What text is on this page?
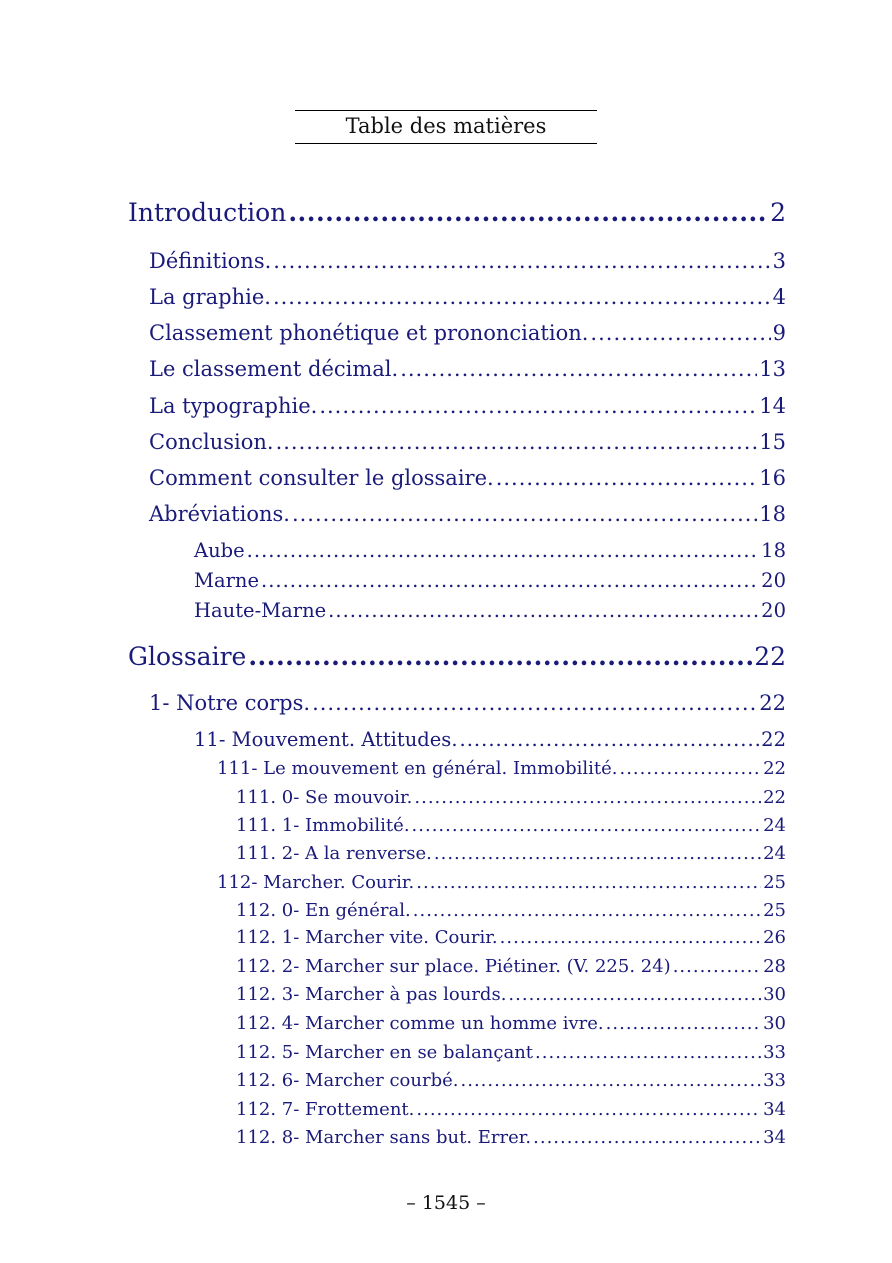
Table des matières
Introduction .....	2
Définitions. .....	3
La graphie. .....	4
Classement phonétique et prononciation. .....	9
Le classement décimal. .....	13
La typographie. .....	14
Conclusion. .....	15
Comment consulter le glossaire. .....	16
Abréviations. .....	18
Aube .....	18
Marne .....	20
Haute-Marne .....	20
Glossaire .....	22
1- Notre corps. .....	22
11- Mouvement. Attitudes. .....	22
111- Le mouvement en général. Immobilité. .....	22
111. 0- Se mouvoir. .....	22
111. 1- Immobilité. .....	24
111. 2- A la renverse. .....	24
112- Marcher. Courir. .....	25
112. 0- En général. .....	25
112. 1- Marcher vite. Courir. .....	26
112. 2- Marcher sur place. Piétiner. (V. 225. 24) .....	28
112. 3- Marcher à pas lourds. .....	30
112. 4- Marcher comme un homme ivre. .....	30
112. 5- Marcher en se balançant .....	33
112. 6- Marcher courbé. .....	33
112. 7- Frottement. .....	34
112. 8- Marcher sans but. Errer. .....	34
– 1545 –
